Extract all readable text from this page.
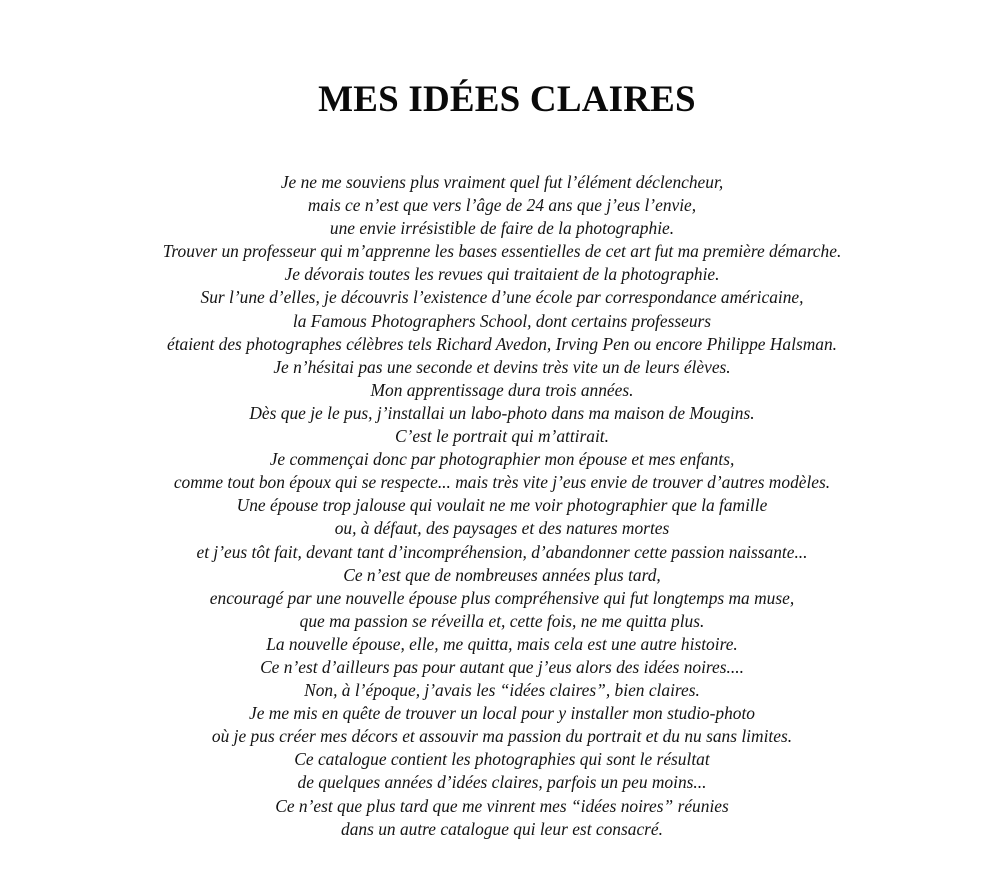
MES IDÉES CLAIRES
Je ne me souviens plus vraiment quel fut l’élément déclencheur,
mais ce n’est que vers l’âge de 24 ans que j’eus l’envie,
une envie irrésistible de faire de la photographie.
Trouver un professeur qui m’apprenne les bases essentielles de cet art fut ma première démarche.
Je dévorais toutes les revues qui traitaient de la photographie.
Sur l’une d’elles, je découvris l’existence d’une école par correspondance américaine,
la Famous Photographers School, dont certains professeurs
étaient des photographes célèbres tels Richard Avedon, Irving Pen ou encore Philippe Halsman.
Je n’hésitai pas une seconde et devins très vite un de leurs élèves.
Mon apprentissage dura trois années.
Dès que je le pus, j’installai un labo-photo dans ma maison de Mougins.
C’est le portrait qui m’attirait.
Je commençai donc par photographier mon épouse et mes enfants,
comme tout bon époux qui se respecte... mais très vite j’eus envie de trouver d’autres modèles.
Une épouse trop jalouse qui voulait ne me voir photographier que la famille
ou, à défaut, des paysages et des natures mortes
et j’eus tôt fait, devant tant d’incompréhension, d’abandonner cette passion naissante...
Ce n’est que de nombreuses années plus tard,
encouragé par une nouvelle épouse plus compréhensive qui fut longtemps ma muse,
que ma passion se réveilla et, cette fois, ne me quitta plus.
La nouvelle épouse, elle, me quitta, mais cela est une autre histoire.
Ce n’est d’ailleurs pas pour autant que j’eus alors des idées noires....
Non, à l’époque, j’avais les “idées claires”, bien claires.
Je me mis en quête de trouver un local pour y installer mon studio-photo
où je pus créer mes décors et assouvir ma passion du portrait et du nu sans limites.
Ce catalogue contient les photographies qui sont le résultat
de quelques années d’idées claires, parfois un peu moins...
Ce n’est que plus tard que me vinrent mes “idées noires” réunies
dans un autre catalogue qui leur est consacré.
